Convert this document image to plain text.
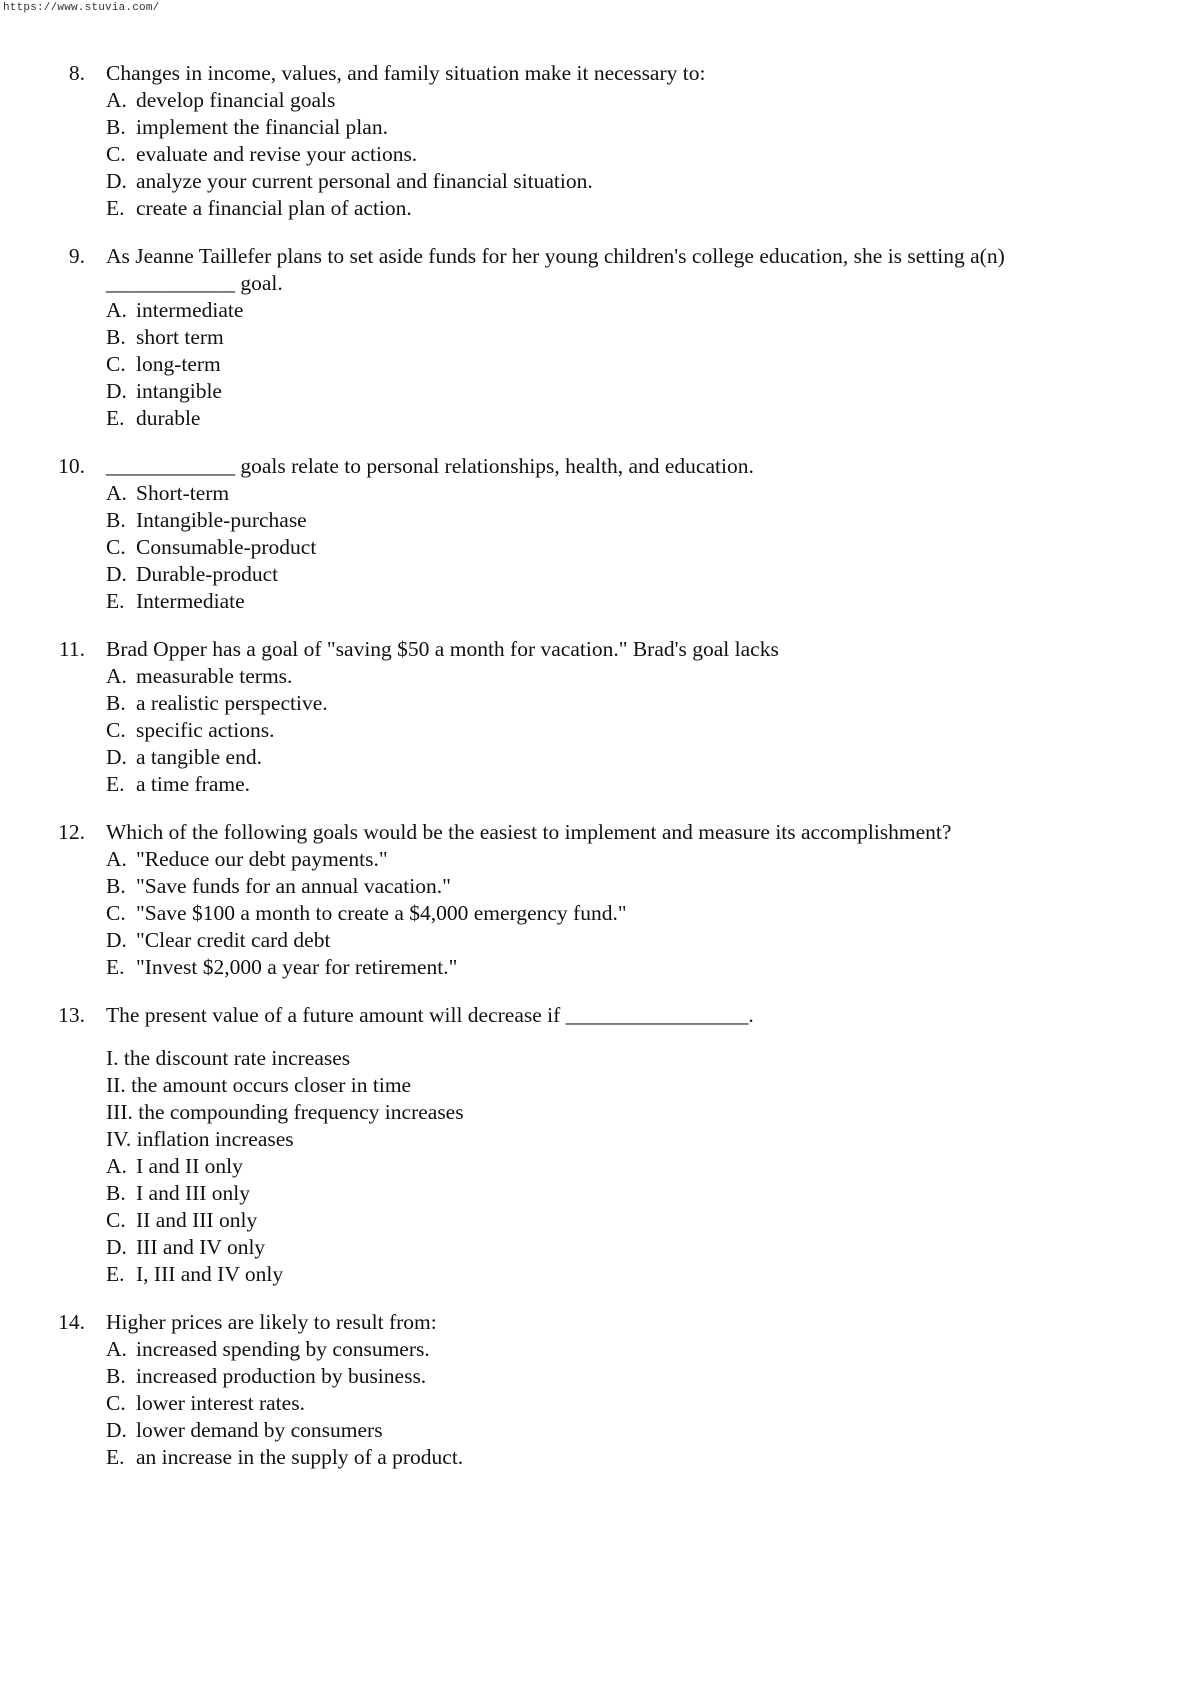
https://www.stuvia.com/
8. Changes in income, values, and family situation make it necessary to:
A. develop financial goals
B. implement the financial plan.
C. evaluate and revise your actions.
D. analyze your current personal and financial situation.
E. create a financial plan of action.
9. As Jeanne Taillefer plans to set aside funds for her young children's college education, she is setting a(n) ____________ goal.
A. intermediate
B. short term
C. long-term
D. intangible
E. durable
10. ____________ goals relate to personal relationships, health, and education.
A. Short-term
B. Intangible-purchase
C. Consumable-product
D. Durable-product
E. Intermediate
11. Brad Opper has a goal of "saving $50 a month for vacation." Brad's goal lacks
A. measurable terms.
B. a realistic perspective.
C. specific actions.
D. a tangible end.
E. a time frame.
12. Which of the following goals would be the easiest to implement and measure its accomplishment?
A. "Reduce our debt payments."
B. "Save funds for an annual vacation."
C. "Save $100 a month to create a $4,000 emergency fund."
D. "Clear credit card debt
E. "Invest $2,000 a year for retirement."
13. The present value of a future amount will decrease if _________________.
I. the discount rate increases
II. the amount occurs closer in time
III. the compounding frequency increases
IV. inflation increases
A. I and II only
B. I and III only
C. II and III only
D. III and IV only
E. I, III and IV only
14. Higher prices are likely to result from:
A. increased spending by consumers.
B. increased production by business.
C. lower interest rates.
D. lower demand by consumers
E. an increase in the supply of a product.
